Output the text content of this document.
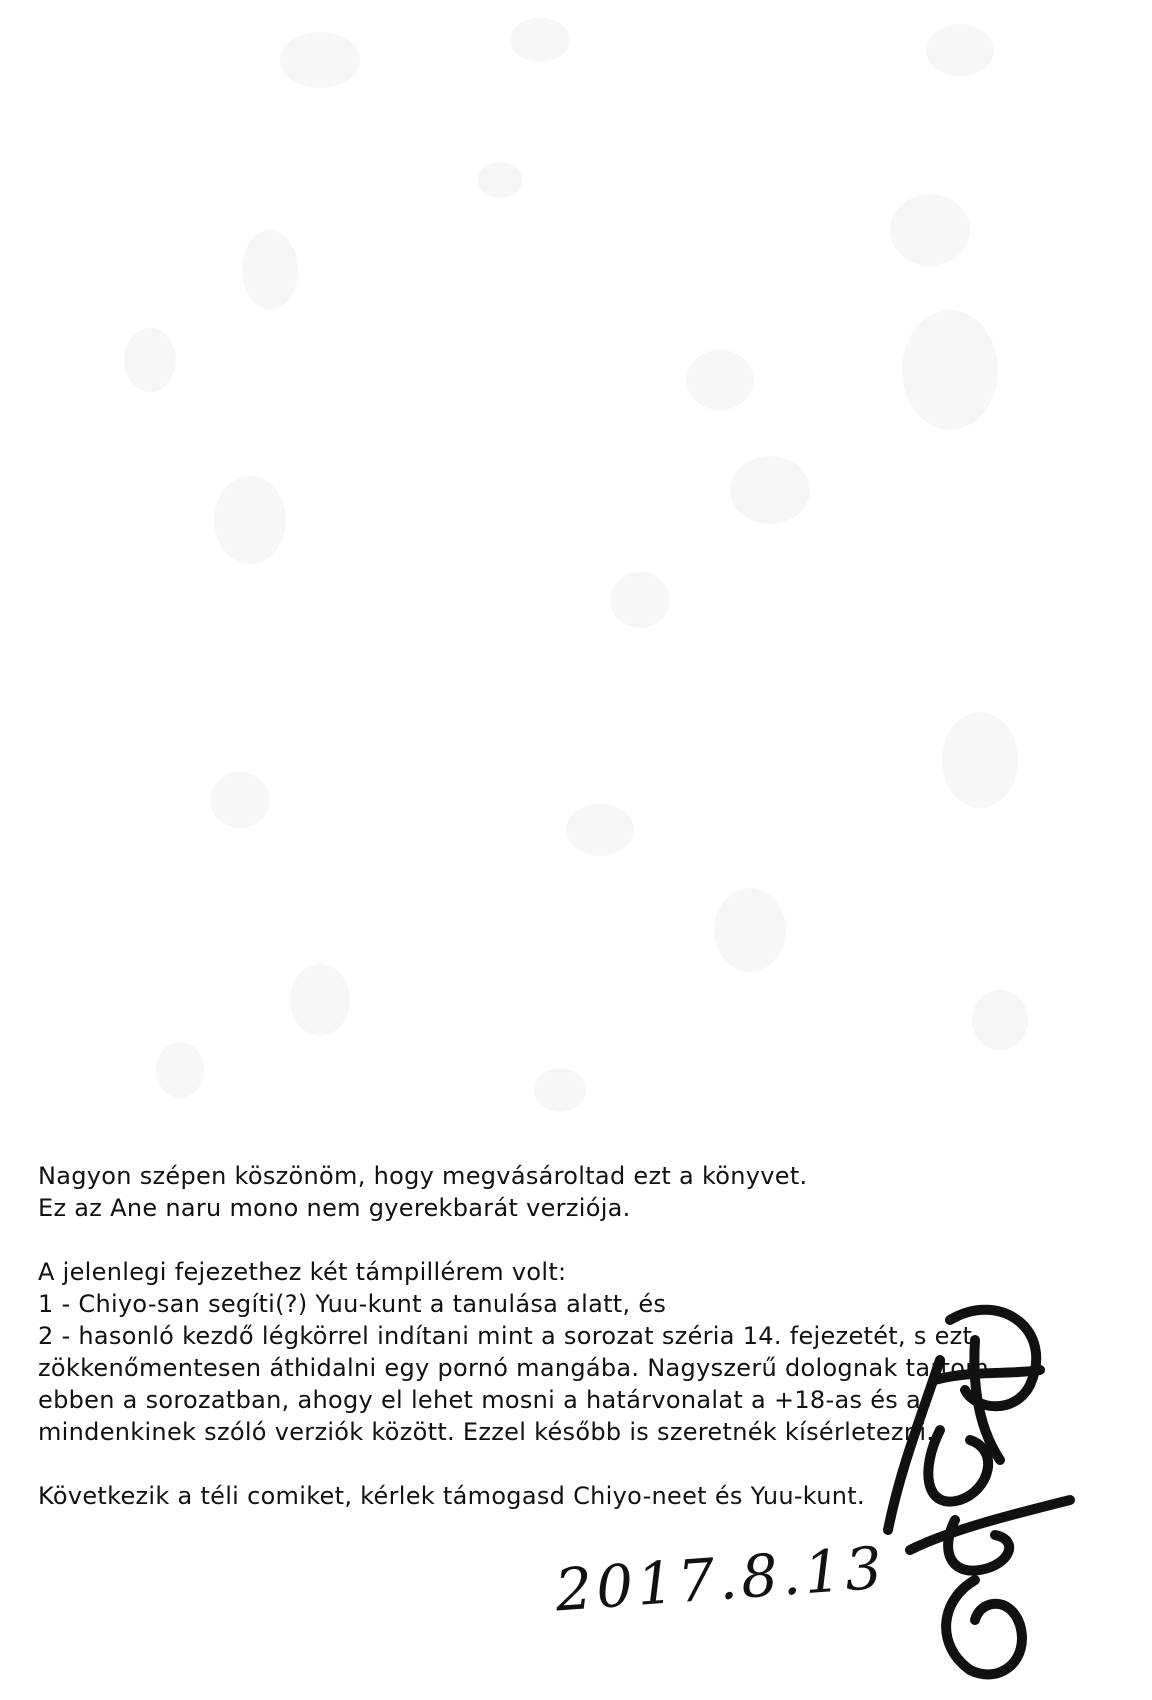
Nagyon szépen köszönöm, hogy megvásároltad ezt a könyvet.

Ez az Ane naru mono nem gyerekbarát verziója.

A jelenlegi fejezethez két támpillérem volt:

1 - Chiyo-san segíti(?) Yuu-kunt a tanulása alatt, és

2 - hasonló kezdő légkörrel indítani mint a sorozat széria 14. fejezetét, s ezt

zökkenőmentesen áthidalni egy pornó mangába. Nagyszerű dolognak tartom

ebben a sorozatban, ahogy el lehet mosni a határvonalat a +18-as és a

mindenkinek szóló verziók között. Ezzel később is szeretnék kísérletezni.

Következik a téli comiket, kérlek támogasd Chiyo-neet és Yuu-kunt.

2017.8.13
